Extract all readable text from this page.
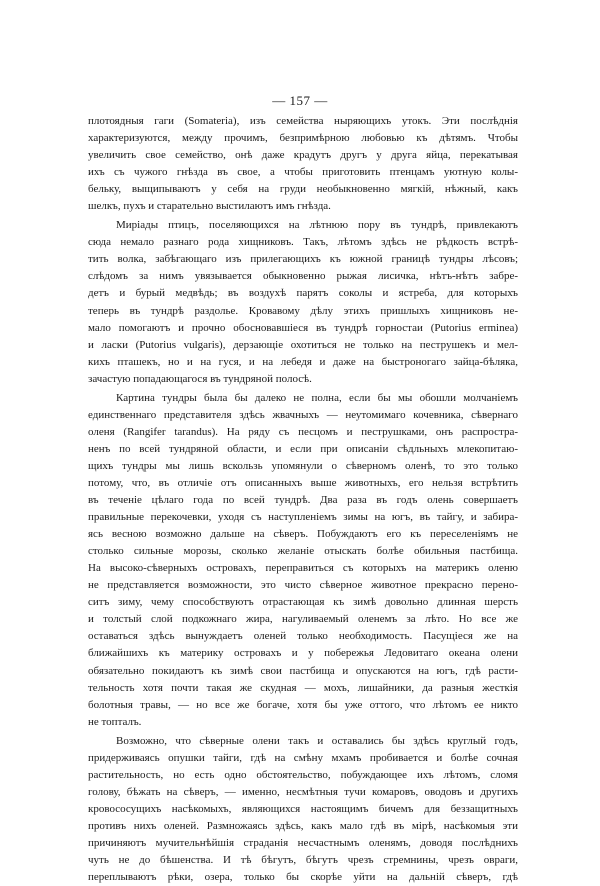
— 157 —

плотоядныя гаги (Somateria), изъ семейства ныряющихъ утокъ. Эти послѣднія
характеризуются, между прочимъ, безпримѣрною любовью къ дѣтямъ. Чтобы
увеличить свое семейство, онѣ даже крадутъ другъ у друга яйца, перекатывая
ихъ съ чужого гнѣзда въ свое, а чтобы приготовить птенцамъ уютную колы-
бельку, выщипываютъ у себя на груди необыкновенно мягкій, нѣжный, какъ
шелкъ, пухъ и старательно выстилаютъ имъ гнѣзда.

Миріады птицъ, поселяющихся на лѣтнюю пору въ тундрѣ, привлекаютъ
сюда немало разнаго рода хищниковъ. Такъ, лѣтомъ здѣсь не рѣдкость встрѣ-
тить волка, забѣгающаго изъ прилегающихъ къ южной границѣ тундры лѣсовъ;
слѣдомъ за нимъ увязывается обыкновенно рыжая лисичка, нѣтъ-нѣтъ забре-
детъ и бурый медвѣдь; въ воздухѣ парятъ соколы и ястреба, для которыхъ
теперь въ тундрѣ раздолье. Кровавому дѣлу этихъ пришлыхъ хищниковъ не-
мало помогаютъ и прочно обосновавшіеся въ тундрѣ горностаи (Putorius erminea)
и ласки (Putorius vulgaris), дерзающіе охотиться не только на пеструшекъ и мел-
кихъ пташекъ, но и на гуся, и на лебедя и даже на быстроногаго зайца-бѣляка,
зачастую попадающагося въ тундряной полосѣ.

Картина тундры была бы далеко не полна, если бы мы обошли молчаніемъ
единственнаго представителя здѣсь жвачныхъ — неутомимаго кочевника, сѣвернаго
оленя (Rangifer tarandus). На ряду съ песцомъ и пеструшками, онъ распростра-
ненъ по всей тундряной области, и если при описаніи сѣдльныхъ млекопитаю-
щихъ тундры мы лишь вскользь упомянули о сѣверномъ оленѣ, то это только
потому, что, въ отличіе отъ описанныхъ выше животныхъ, его нельзя встрѣтить
въ теченіе цѣлаго года по всей тундрѣ. Два раза въ годъ олень совершаетъ
правильные перекочевки, уходя съ наступленіемъ зимы на югъ, въ тайгу, и забира-
ясь весною возможно дальше на сѣверъ. Побуждаютъ его къ переселеніямъ не
столько сильные морозы, сколько желаніе отыскать болѣе обильныя пастбища.
На высоко-сѣверныхъ островахъ, переправиться съ которыхъ на материкъ оленю
не представляется возможности, это чисто сѣверное животное прекрасно перено-
ситъ зиму, чему способствуютъ отрастающая къ зимѣ довольно длинная шерсть
и толстый слой подкожнаго жира, нагуливаемый оленемъ за лѣто. Но все же
оставаться здѣсь вынуждаетъ оленей только необходимость. Пасущіеся же на
ближайшихъ къ материку островахъ и у побережья Ледовитаго океана олени
обязательно покидаютъ къ зимѣ свои пастбища и опускаются на югъ, гдѣ расти-
тельность хотя почти такая же скудная — мохъ, лишайники, да разныя жесткія
болотныя травы, — но все же богаче, хотя бы уже оттого, что лѣтомъ ее никто
не топталъ.

Возможно, что сѣверные олени такъ и оставались бы здѣсь круглый годъ,
придерживаясь опушки тайги, гдѣ на смѣну мхамъ пробивается и болѣе сочная
растительность, но есть одно обстоятельство, побуждающее ихъ лѣтомъ, сломя
голову, бѣжать на сѣверъ, — именно, несмѣтныя тучи комаровъ, оводовъ и другихъ
кровососущихъ насѣкомыхъ, являющихся настоящимъ бичемъ для беззащитныхъ
противъ нихъ оленей. Размножаясь здѣсь, какъ мало гдѣ въ мірѣ, насѣкомыя эти
причиняютъ мучительнѣйшія страданія несчастнымъ оленямъ, доводя послѣднихъ
чуть не до бѣшенства. И тѣ бѣгутъ, бѣгутъ чрезъ стремнины, чрезъ овраги,
переплываютъ рѣки, озера, только бы скорѣе уйти на дальній сѣверъ, гдѣ
